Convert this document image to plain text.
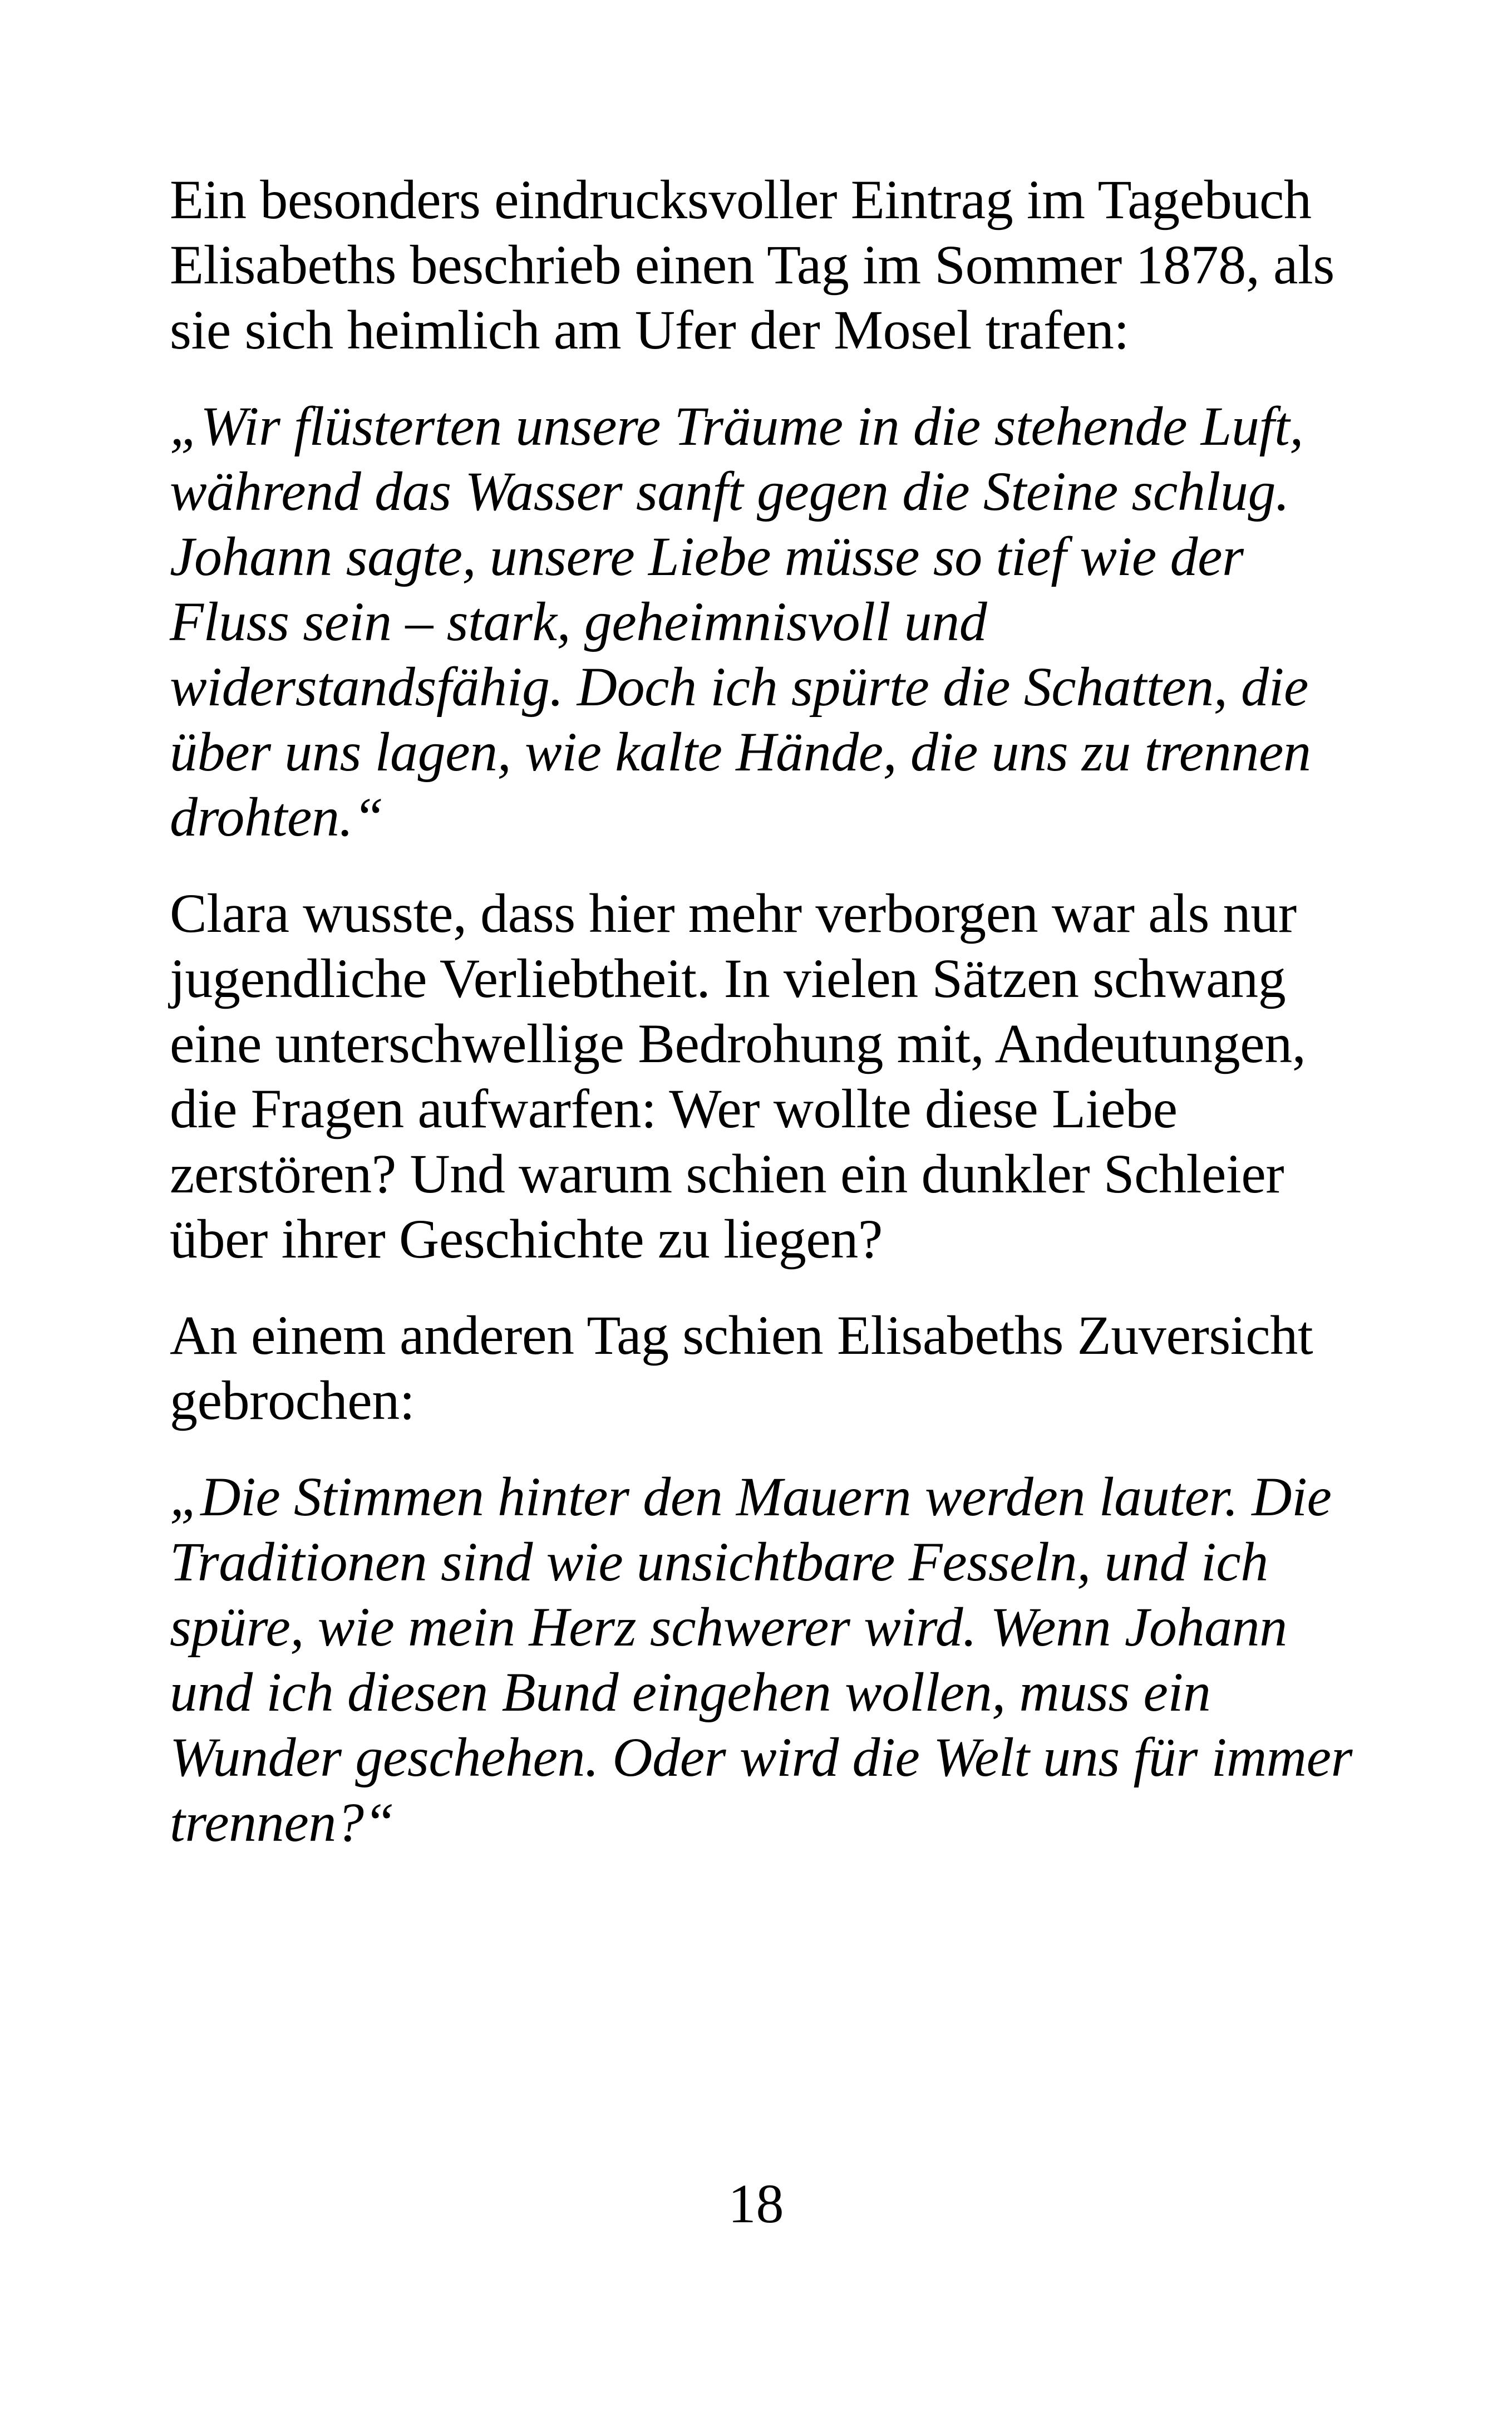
Ein besonders eindrucksvoller Eintrag im Tagebuch Elisabeths beschrieb einen Tag im Sommer 1878, als sie sich heimlich am Ufer der Mosel trafen:

„Wir flüsterten unsere Träume in die stehende Luft, während das Wasser sanft gegen die Steine schlug. Johann sagte, unsere Liebe müsse so tief wie der Fluss sein – stark, geheimnisvoll und widerstandsfähig. Doch ich spürte die Schatten, die über uns lagen, wie kalte Hände, die uns zu trennen drohten.“

Clara wusste, dass hier mehr verborgen war als nur jugendliche Verliebtheit. In vielen Sätzen schwang eine unterschwellige Bedrohung mit, Andeutungen, die Fragen aufwarfen: Wer wollte diese Liebe zerstören? Und warum schien ein dunkler Schleier über ihrer Geschichte zu liegen?

An einem anderen Tag schien Elisabeths Zuversicht gebrochen:

„Die Stimmen hinter den Mauern werden lauter. Die Traditionen sind wie unsichtbare Fesseln, und ich spüre, wie mein Herz schwerer wird. Wenn Johann und ich diesen Bund eingehen wollen, muss ein Wunder geschehen. Oder wird die Welt uns für immer trennen?“

18
